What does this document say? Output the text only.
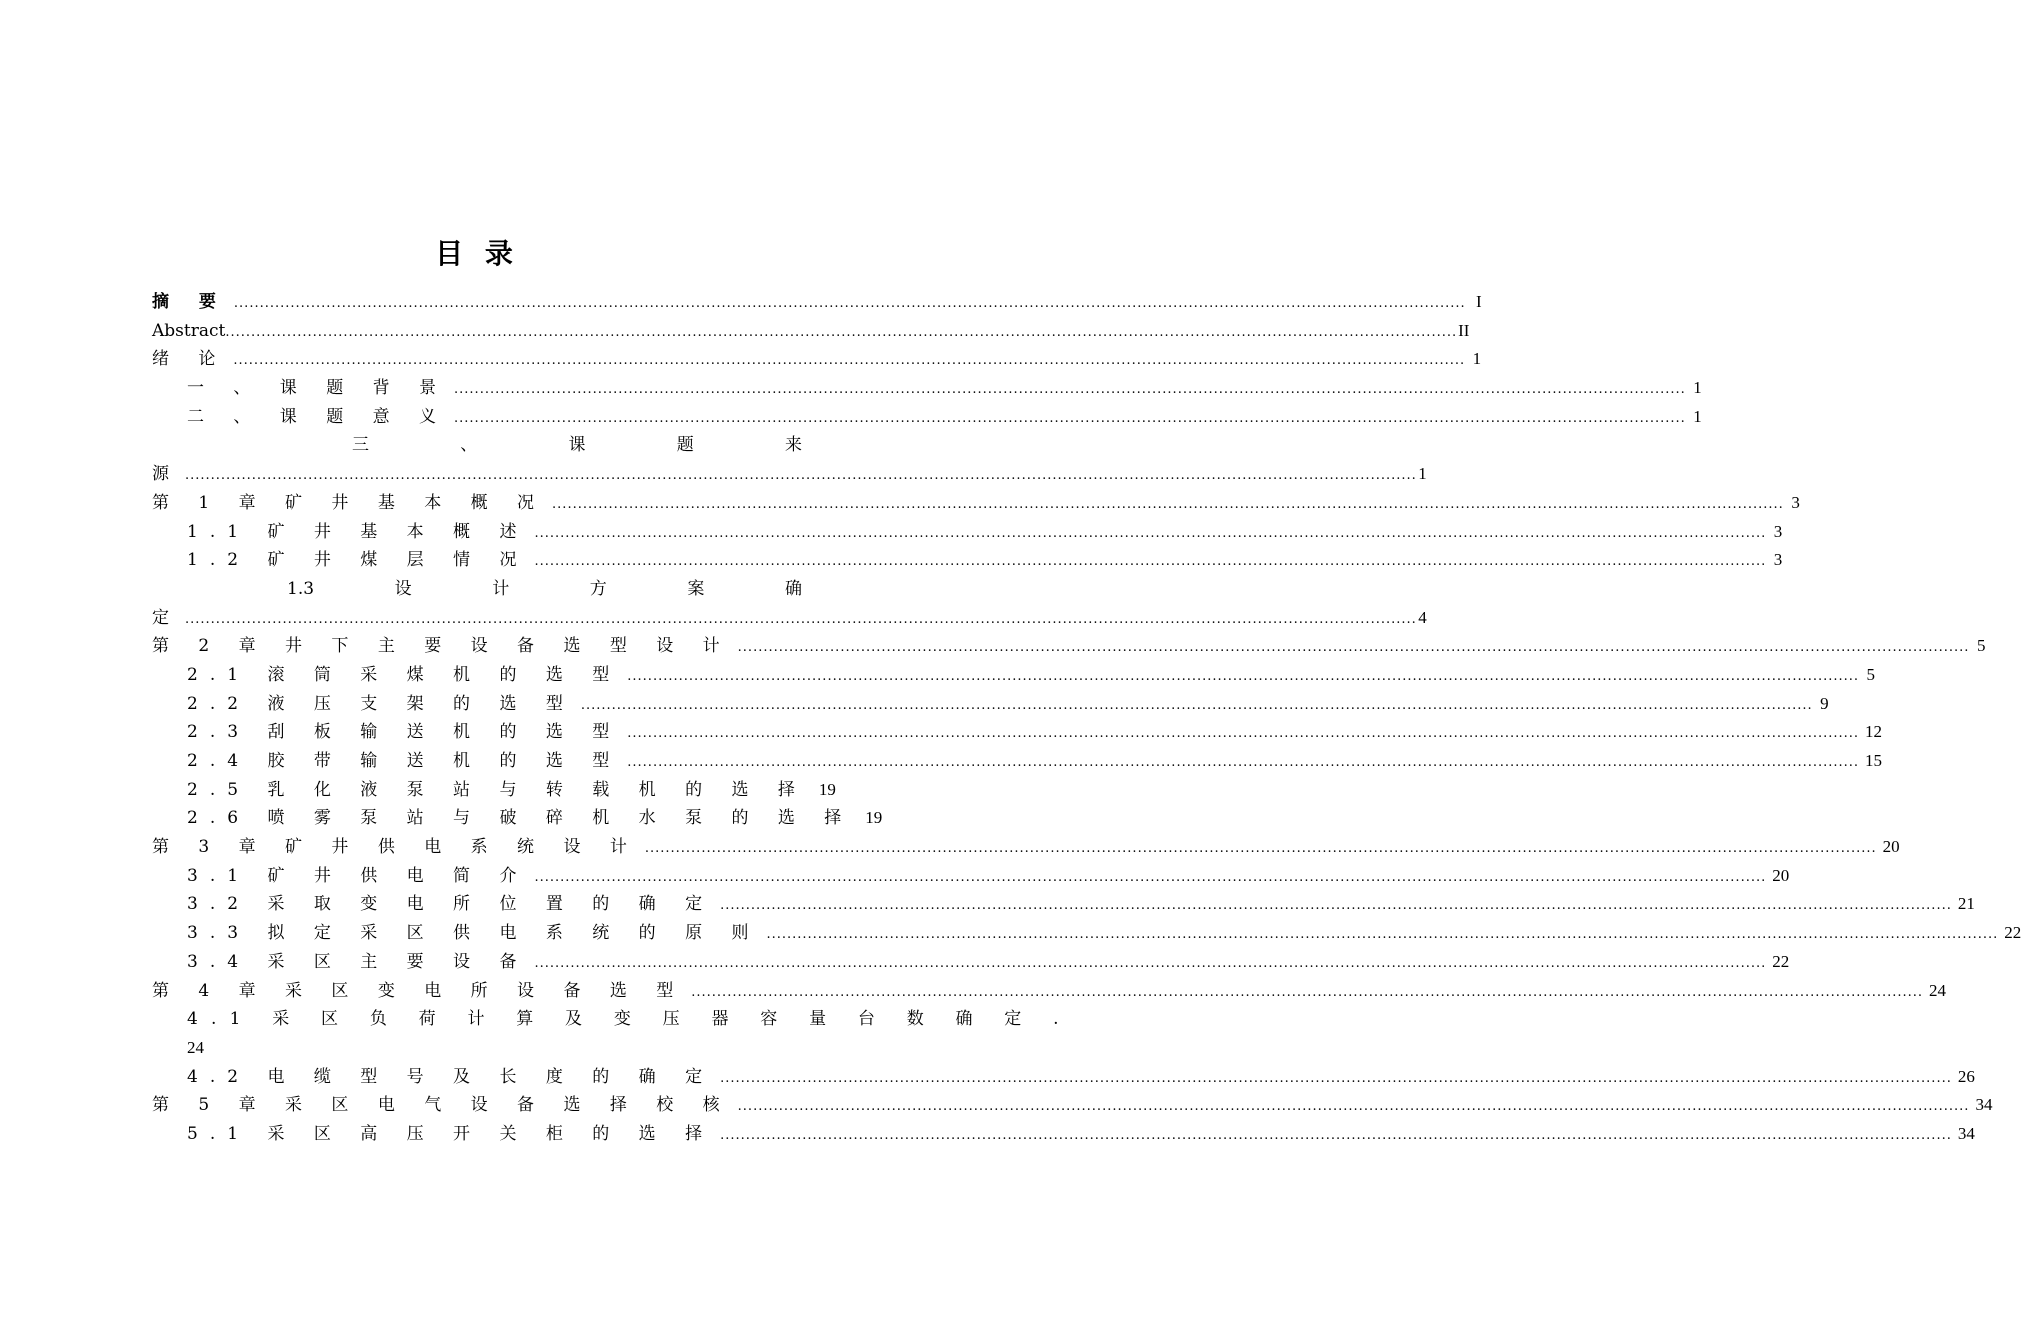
目 录
摘 要 .....	I
Abstract .....	II
绪 论 .....	1
一 、 课 题 背 景 .....	1
二 、 课 题 意 义 .....	1
三	、	课	题	来
源 .....	1
第 1 章 矿 井 基 本 概 况 .....	3
1.1 矿 井 基 本 概 述 .....	3
1.2 矿 井 煤 层 情 况 .....	3
1.3	设	计	方	案	确
定 .....	4
第 2 章 井 下 主 要 设 备 选 型 设 计 .....	5
2.1 滚 筒 采 煤 机 的 选 型 .....	5
2.2 液 压 支 架 的 选 型 .....	9
2.3 刮 板 输 送 机 的 选 型 .....	12
2.4 胶 带 输 送 机 的 选 型 .....	15
2.5 乳 化 液 泵 站 与 转 载 机 的 选 择 19
2.6 喷 雾 泵 站 与 破 碎 机 水 泵 的 选 择 19
第 3 章 矿 井 供 电 系 统 设 计 .....	20
3.1 矿 井 供 电 简 介 .....	20
3.2 采 取 变 电 所 位 置 的 确 定 .....	21
3.3 拟 定 采 区 供 电 系 统 的 原 则 .....	22
3.4 采 区 主 要 设 备 .....	22
第 4 章 采 区 变 电 所 设 备 选 型 .....	24
4.1 采 区 负 荷 计 算 及 变 压 器 容 量 台 数 确 定 .
24
4.2 电 缆 型 号 及 长 度 的 确 定 .....	26
第 5 章 采 区 电 气 设 备 选 择 校 核 .....	34
5.1 采 区 高 压 开 关 柜 的 选 择 .....	34
